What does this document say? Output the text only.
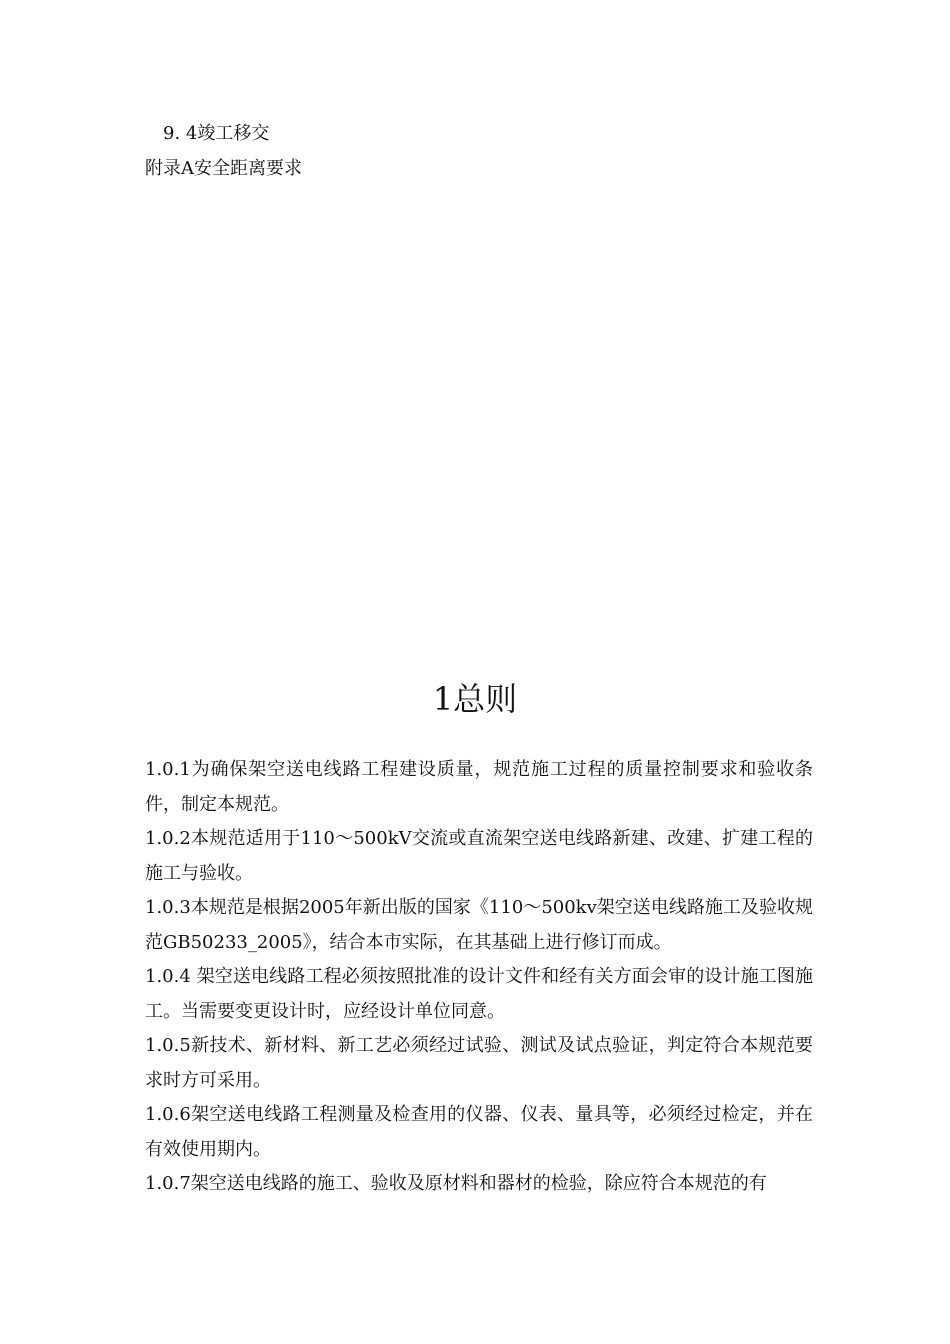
9. 4竣工移交
附录A安全距离要求
1总则

1.0.1为确保架空送电线路工程建设质量，规范施工过程的质量控制要求和验收条件，制定本规范。

1.0.2本规范适用于110～500kV交流或直流架空送电线路新建、改建、扩建工程的施工与验收。

1.0.3本规范是根据2005年新出版的国家《110～500kv架空送电线路施工及验收规范GB50233_2005》，结合本市实际，在其基础上进行修订而成。

1.0.4 架空送电线路工程必须按照批准的设计文件和经有关方面会审的设计施工图施工。当需要变更设计时，应经设计单位同意。

1.0.5新技术、新材料、新工艺必须经过试验、测试及试点验证，判定符合本规范要求时方可采用。

1.0.6架空送电线路工程测量及检查用的仪器、仪表、量具等，必须经过检定，并在有效使用期内。

1.0.7架空送电线路的施工、验收及原材料和器材的检验，除应符合本规范的有
